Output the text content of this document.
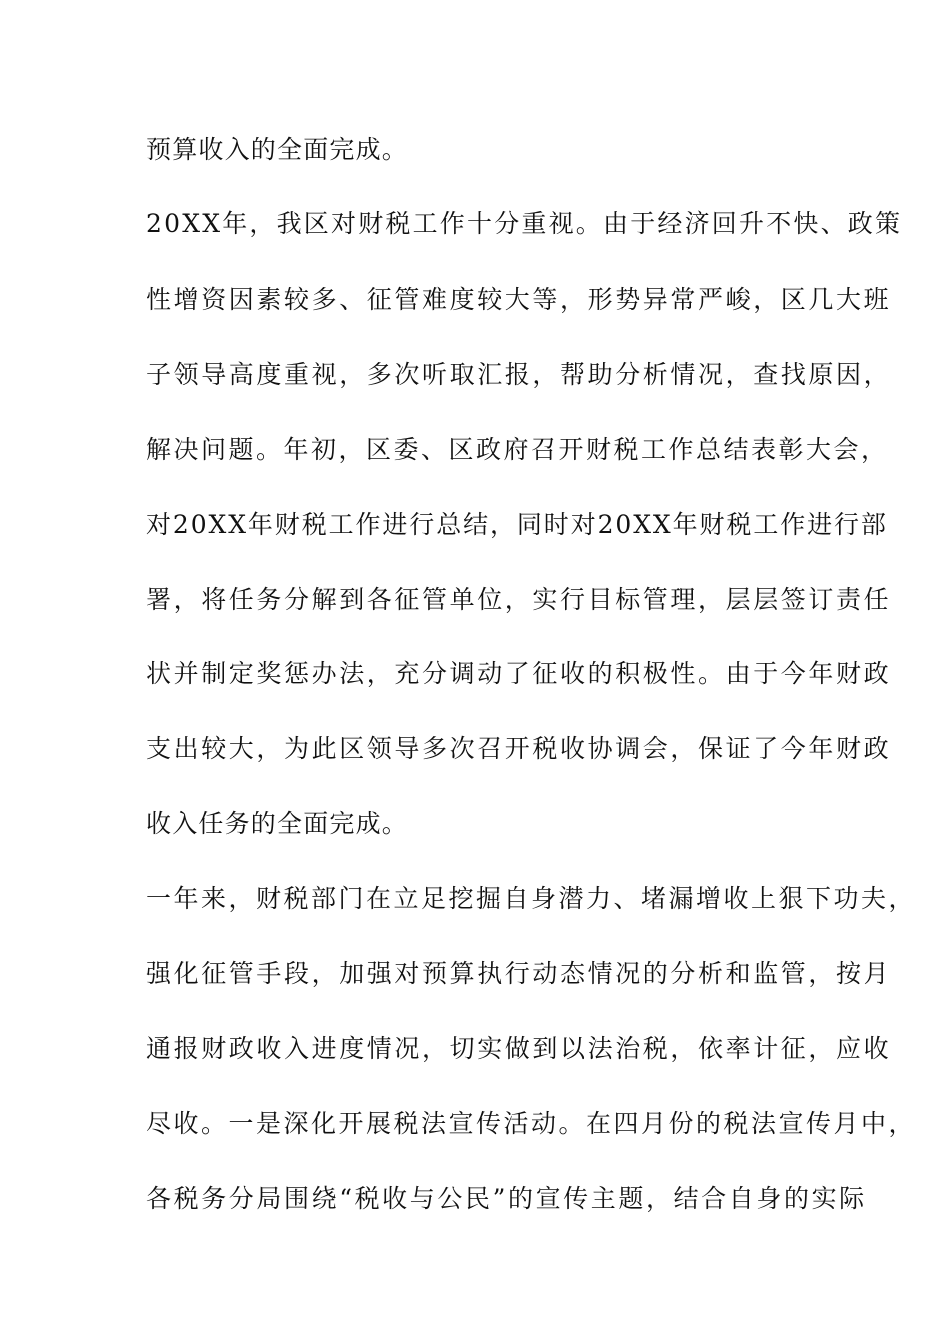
预算收入的全面完成。
20XX年，我区对财税工作十分重视。由于经济回升不快、政策
性增资因素较多、征管难度较大等，形势异常严峻，区几大班
子领导高度重视，多次听取汇报，帮助分析情况，查找原因，
解决问题。年初，区委、区政府召开财税工作总结表彰大会，
对20XX年财税工作进行总结，同时对20XX年财税工作进行部
署，将任务分解到各征管单位，实行目标管理，层层签订责任
状并制定奖惩办法，充分调动了征收的积极性。由于今年财政
支出较大，为此区领导多次召开税收协调会，保证了今年财政
收入任务的全面完成。
一年来，财税部门在立足挖掘自身潜力、堵漏增收上狠下功夫，
强化征管手段，加强对预算执行动态情况的分析和监管，按月
通报财政收入进度情况，切实做到以法治税，依率计征，应收
尽收。一是深化开展税法宣传活动。在四月份的税法宣传月中，
各税务分局围绕“税收与公民”的宣传主题，结合自身的实际
